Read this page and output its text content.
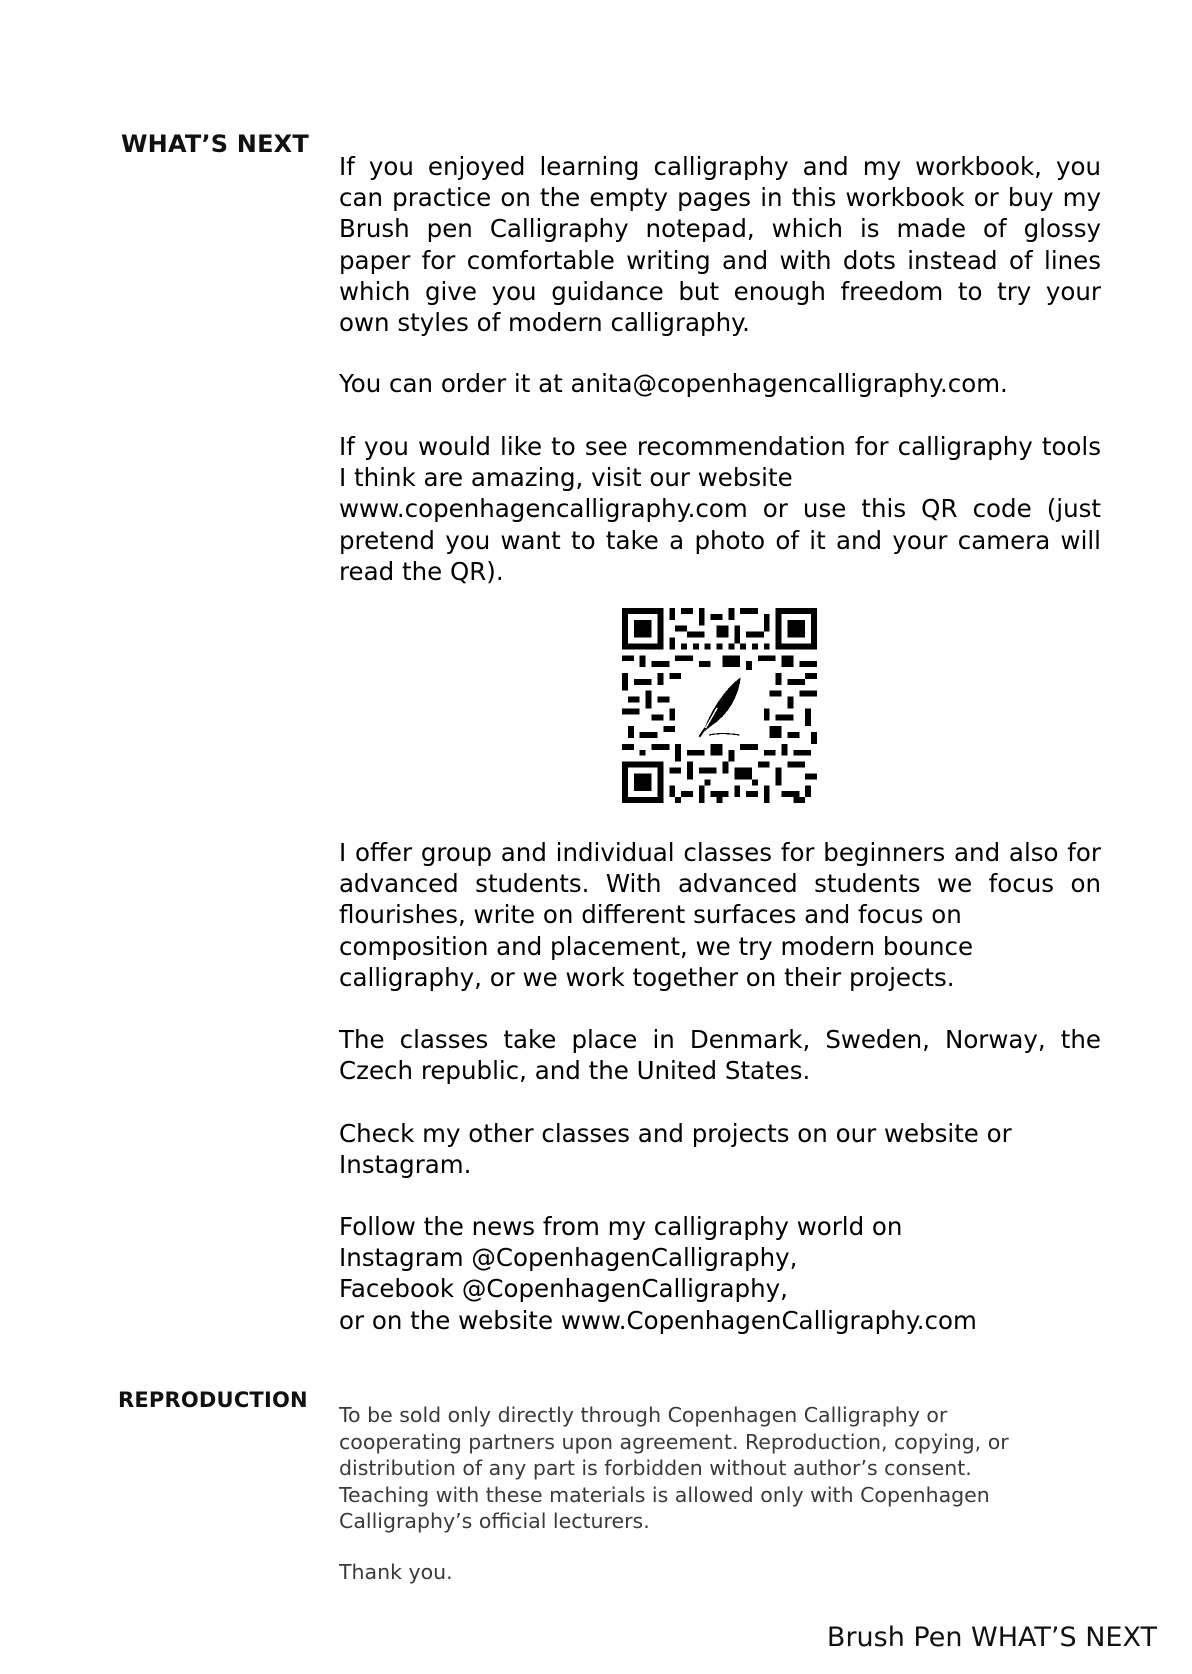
WHAT’S NEXT
If you enjoyed learning calligraphy and my workbook, you
can practice on the empty pages in this workbook or buy my
Brush pen Calligraphy notepad, which is made of glossy
paper for comfortable writing and with dots instead of lines
which give you guidance but enough freedom to try your
own styles of modern calligraphy.
You can order it at anita@copenhagencalligraphy.com.
If you would like to see recommendation for calligraphy tools
I think are amazing, visit our website
www.copenhagencalligraphy.com or use this QR code (just
pretend you want to take a photo of it and your camera will
read the QR).
I offer group and individual classes for beginners and also for
advanced students. With advanced students we focus on
flourishes, write on different surfaces and focus on
composition and placement, we try modern bounce
calligraphy, or we work together on their projects.
The classes take place in Denmark, Sweden, Norway, the
Czech republic, and the United States.
Check my other classes and projects on our website or
Instagram.
Follow the news from my calligraphy world on
Instagram @CopenhagenCalligraphy,
Facebook @CopenhagenCalligraphy,
or on the website www.CopenhagenCalligraphy.com
REPRODUCTION
To be sold only directly through Copenhagen Calligraphy or
cooperating partners upon agreement. Reproduction, copying, or
distribution of any part is forbidden without author’s consent.
Teaching with these materials is allowed only with Copenhagen
Calligraphy’s official lecturers.
Thank you.
Brush Pen WHAT’S NEXT
